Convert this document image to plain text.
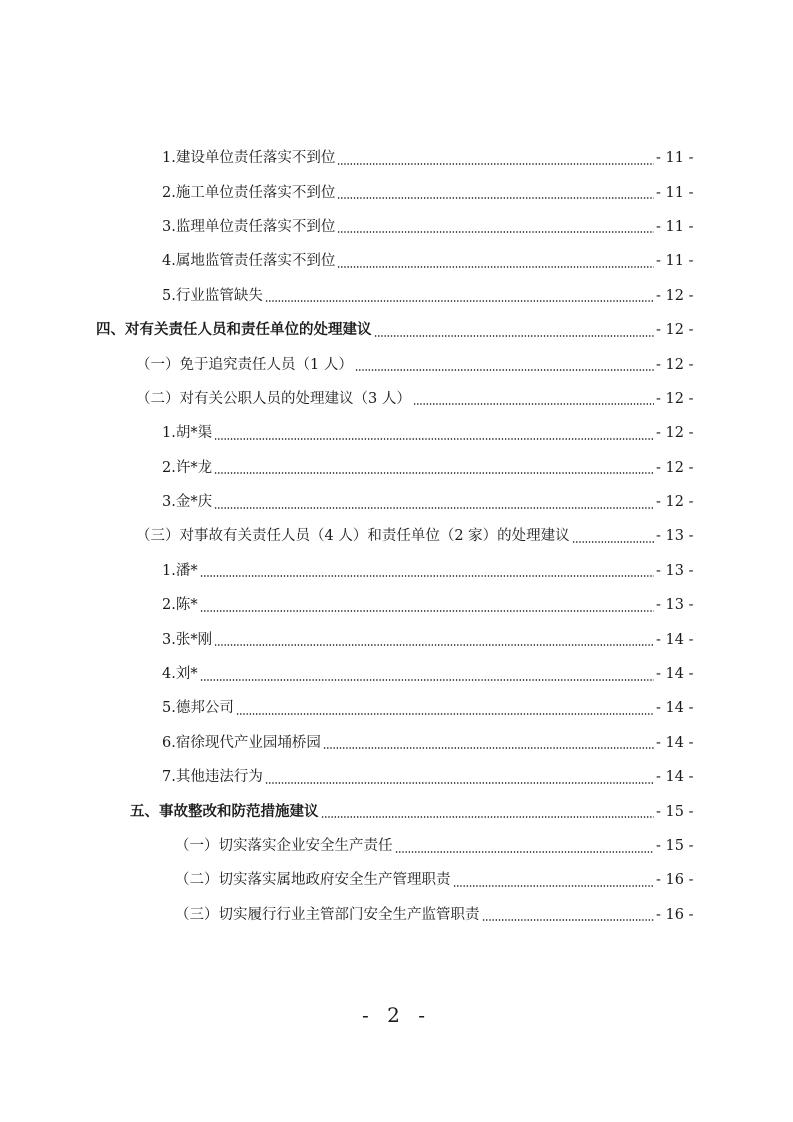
1.建设单位责任落实不到位	- 11 -
2.施工单位责任落实不到位	- 11 -
3.监理单位责任落实不到位	- 11 -
4.属地监管责任落实不到位	- 11 -
5.行业监管缺失	- 12 -
四、对有关责任人员和责任单位的处理建议	- 12 -
（一）免于追究责任人员（1 人）	- 12 -
（二）对有关公职人员的处理建议（3 人）	- 12 -
1.胡*渠	- 12 -
2.许*龙	- 12 -
3.金*庆	- 12 -
（三）对事故有关责任人员（4 人）和责任单位（2 家）的处理建议	- 13 -
1.潘*	- 13 -
2.陈*	- 13 -
3.张*刚	- 14 -
4.刘*	- 14 -
5.德邦公司	- 14 -
6.宿徐现代产业园埇桥园	- 14 -
7.其他违法行为	- 14 -
五、事故整改和防范措施建议	- 15 -
（一）切实落实企业安全生产责任	- 15 -
（二）切实落实属地政府安全生产管理职责	- 16 -
（三）切实履行行业主管部门安全生产监管职责	- 16 -
- 2 -
